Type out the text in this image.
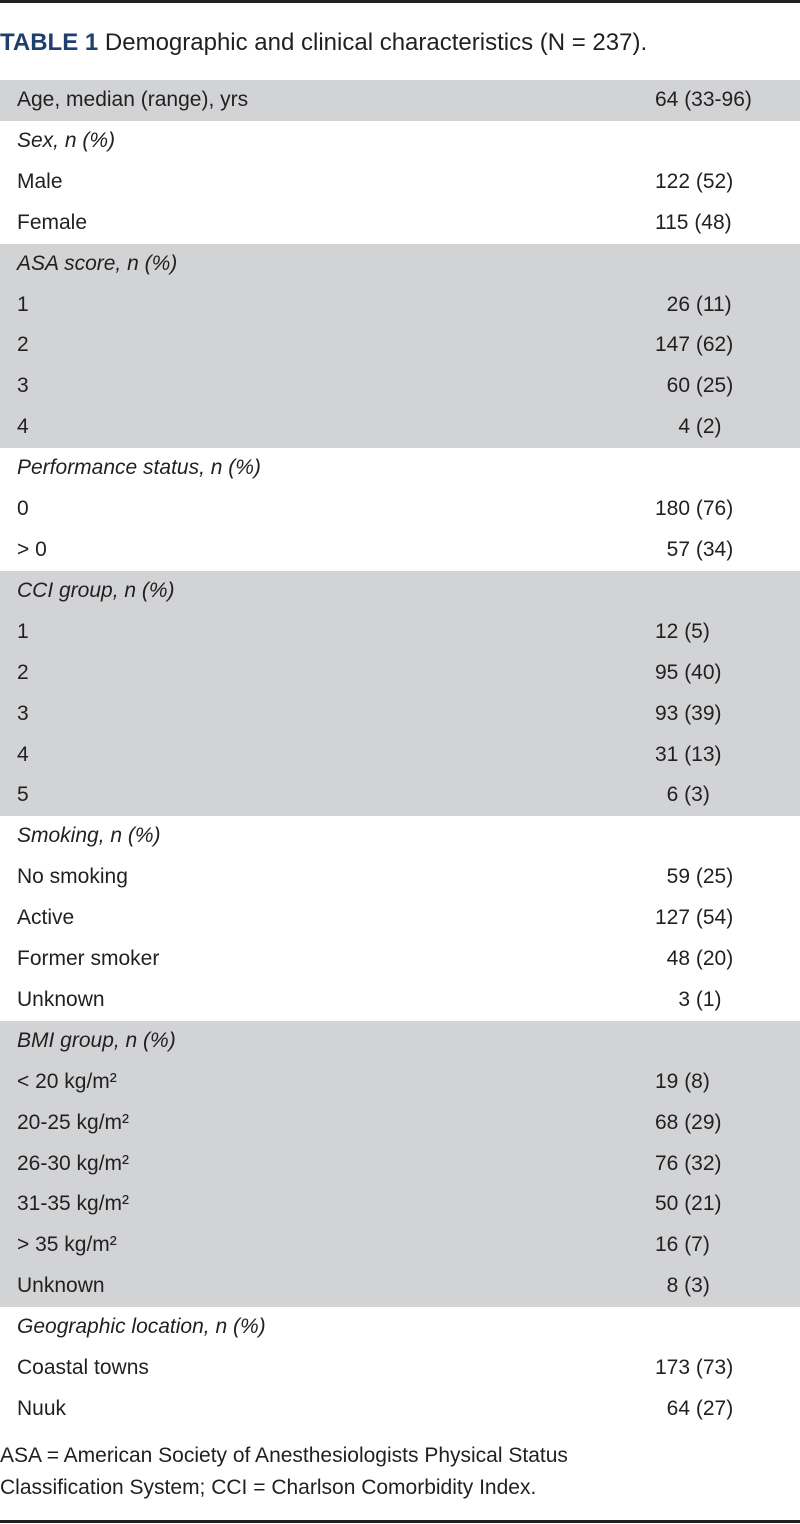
TABLE 1 Demographic and clinical characteristics (N = 237).
Age, median (range), yrs	64 (33-96)
Sex, n (%)
Male	122 (52)
Female	115 (48)
ASA score, n (%)
1	26 (11)
2	147 (62)
3	60 (25)
4	4 (2)
Performance status, n (%)
0	180 (76)
> 0	57 (34)
CCI group, n (%)
1	12 (5)
2	95 (40)
3	93 (39)
4	31 (13)
5	6 (3)
Smoking, n (%)
No smoking	59 (25)
Active	127 (54)
Former smoker	48 (20)
Unknown	3 (1)
BMI group, n (%)
< 20 kg/m²	19 (8)
20-25 kg/m²	68 (29)
26-30 kg/m²	76 (32)
31-35 kg/m²	50 (21)
> 35 kg/m²	16 (7)
Unknown	8 (3)
Geographic location, n (%)
Coastal towns	173 (73)
Nuuk	64 (27)
ASA = American Society of Anesthesiologists Physical Status
Classification System; CCI = Charlson Comorbidity Index.
